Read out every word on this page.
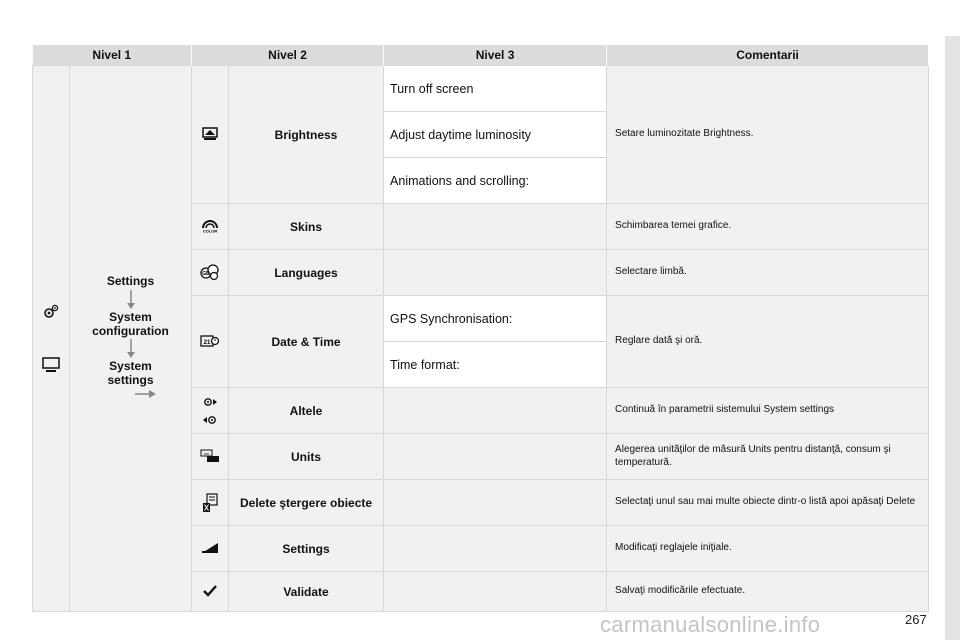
Nivel 1		Nivel 2		Nivel 3	Comentarii

Settings
System configuration
System settings		Brightness	Turn off screen	Setare luminozitate Brightness.
				Adjust daytime luminosity	
				Animations and scrolling:	

COLOR	Skins		Schimbarea temei grafice.

GB	Languages		Selectare limbă.

21	Date & Time	GPS Synchronisation:	Reglare dată şi oră.
				Time format:	
	Altele		Continuă în parametrii sistemului System settings

km	Units		Alegerea unităţilor de măsură Units pentru distanţă, consum şi temperatură.
	Delete ştergere obiecte		Selectaţi unul sau mai multe obiecte dintr-o listă apoi apăsaţi Delete
	Settings		Modificaţi reglajele iniţiale.
	Validate		Salvaţi modificările efectuate.
carmanualsonline.info	267
